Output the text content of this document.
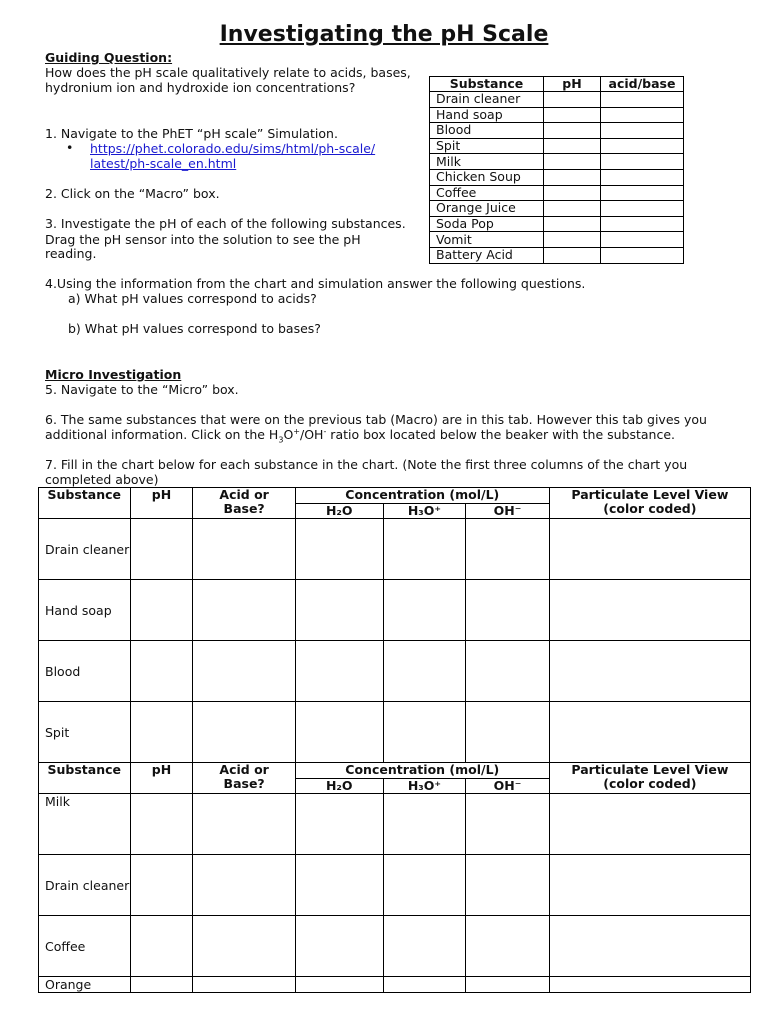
Investigating the pH Scale
Guiding Question:
How does the pH scale qualitatively relate to acids, bases,
hydronium ion and hydroxide ion concentrations?
1. Navigate to the PhET “pH scale” Simulation.
• https://phet.colorado.edu/sims/html/ph-scale/
latest/ph-scale_en.html
2. Click on the “Macro” box.
3. Investigate the pH of each of the following substances.
Drag the pH sensor into the solution to see the pH
reading.
Substance	pH	acid/base
Drain cleaner		
Hand soap		
Blood		
Spit		
Milk		
Chicken Soup		
Coffee		
Orange Juice		
Soda Pop		
Vomit		
Battery Acid		
4.Using the information from the chart and simulation answer the following questions.
a) What pH values correspond to acids?
b) What pH values correspond to bases?
Micro Investigation
5. Navigate to the “Micro” box.
6. The same substances that were on the previous tab (Macro) are in this tab. However this tab gives you
additional information. Click on the $H_3O^+/OH^-$ ratio box located below the beaker with the substance.
7. Fill in the chart below for each substance in the chart. (Note the first three columns of the chart you
completed above)
Substance	pH	Acid or Base?	Concentration (mol/L)			Particulate Level View (color coded)
			H₂O	H₃O⁺	OH⁻	
Drain cleaner						
Hand soap						
Blood						
Spit						
Substance	pH	Acid or Base?	Concentration (mol/L)			Particulate Level View (color coded)
			H₂O	H₃O⁺	OH⁻	
Milk						
Drain cleaner						
Coffee						
Orange						
